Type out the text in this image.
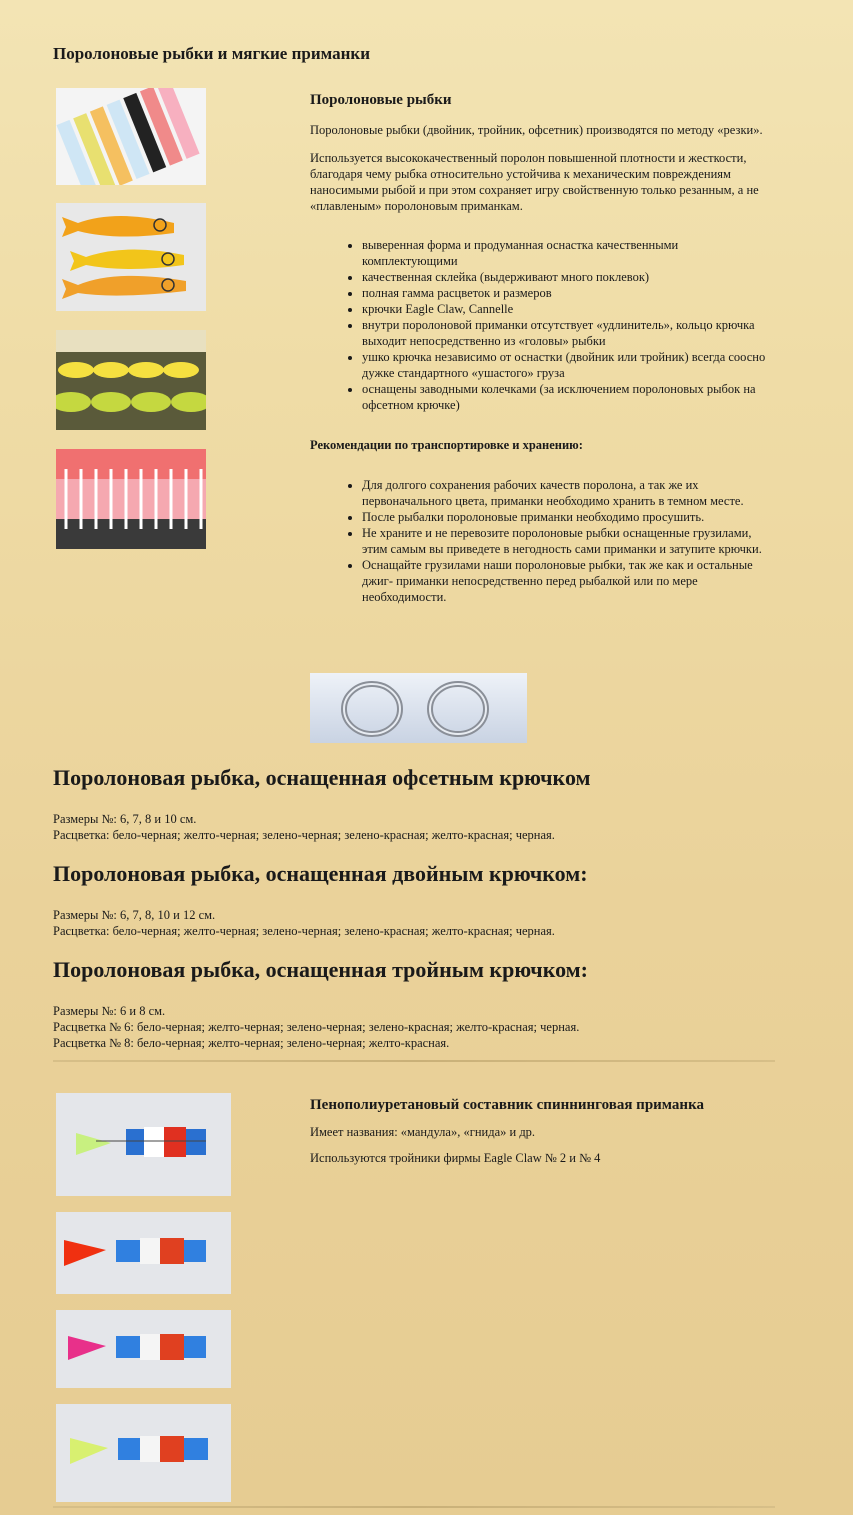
Поролоновые рыбки и мягкие приманки
Поролоновые рыбки

Поролоновые рыбки (двойник, тройник, офсетник) производятся по методу «резки».

Используется высококачественный поролон повышенной плотности и жесткости, благодаря чему рыбка относительно устойчива к механическим повреждениям наносимыми рыбой и при этом сохраняет игру свойственную только резанным, а не «плавленым» поролоновым приманкам.

• выверенная форма и продуманная оснастка качественными комплектующими
• качественная склейка (выдерживают много поклевок)
• полная гамма расцветок и размеров
• крючки Eagle Claw, Cannelle
• внутри поролоновой приманки отсутствует «удлинитель», кольцо крючка выходит непосредственно из «головы» рыбки
• ушко крючка независимо от оснастки (двойник или тройник) всегда соосно дужке стандартного «ушастого» груза
• оснащены заводными колечками (за исключением поролоновых рыбок на офсетном крючке)

Рекомендации по транспортировке и хранению:

• Для долгого сохранения рабочих качеств поролона, а так же их первоначального цвета, приманки необходимо хранить в темном месте.
• После рыбалки поролоновые приманки необходимо просушить.
• Не храните и не перевозите поролоновые рыбки оснащенные грузилами, этим самым вы приведете в негодность сами приманки и затупите крючки.
• Оснащайте грузилами наши поролоновые рыбки, так же как и остальные джиг- приманки непосредственно перед рыбалкой или по мере необходимости.
Поролоновая рыбка, оснащенная офсетным крючком
Размеры №: 6, 7, 8 и 10 см.
Расцветка: бело-черная; желто-черная; зелено-черная; зелено-красная; желто-красная; черная.
Поролоновая рыбка, оснащенная двойным крючком:
Размеры №: 6, 7, 8, 10 и 12 см.
Расцветка: бело-черная; желто-черная; зелено-черная; зелено-красная; желто-красная; черная.
Поролоновая рыбка, оснащенная тройным крючком:
Размеры №: 6 и 8 см.
Расцветка № 6: бело-черная; желто-черная; зелено-черная; зелено-красная; желто-красная; черная.
Расцветка № 8: бело-черная; желто-черная; зелено-черная; желто-красная.
Пенополиуретановый составник спиннинговая приманка

Имеет названия: «мандула», «гнида» и др.

Используются тройники фирмы Eagle Claw № 2 и № 4
